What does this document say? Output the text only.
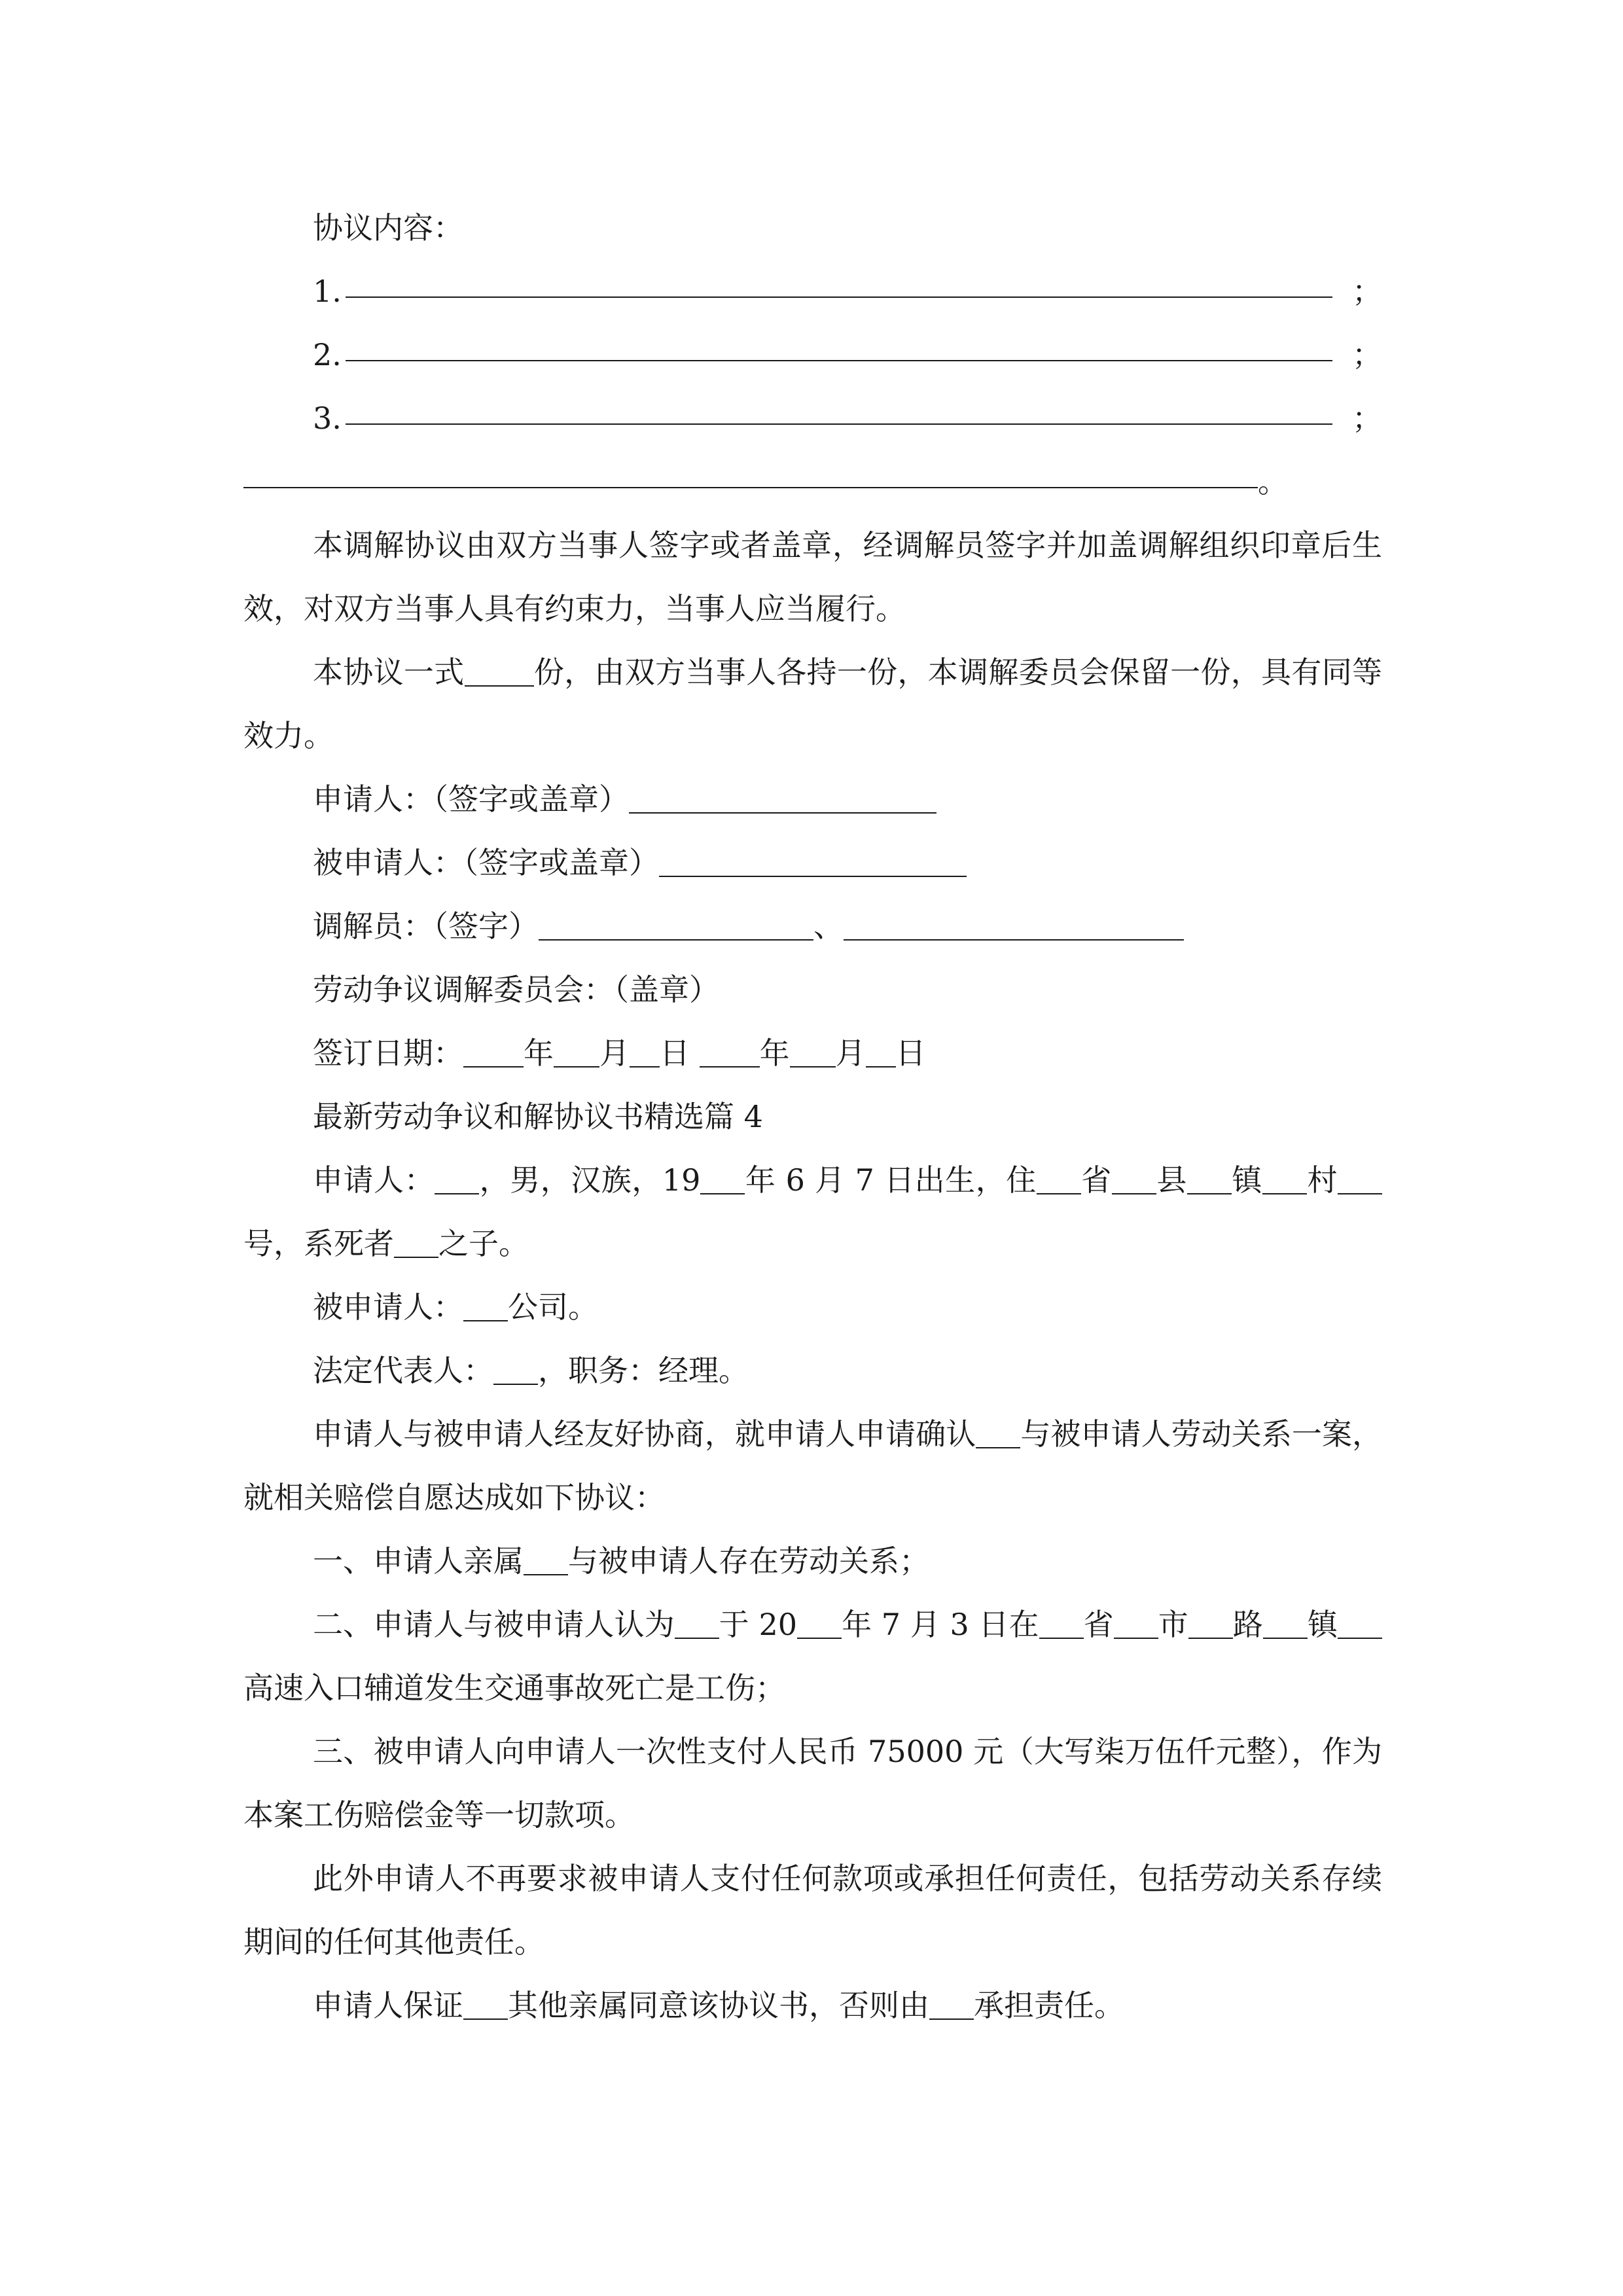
协议内容：

1.	；

2.	；

3.	；

。

本调解协议由双方当事人签字或者盖章，经调解员签字并加盖调解组织印章后生效，对双方当事人具有约束力，当事人应当履行。

本协议一式 份，由双方当事人各持一份，本调解委员会保留一份，具有同等效力。

申请人：（签字或盖章）

被申请人：（签字或盖章）

调解员：（签字）	、

劳动争议调解委员会：（盖章）

签订日期： 年 月 日 年 月 日

最新劳动争议和解协议书精选篇 4

申请人： ，男，汉族，19 年 6 月 7 日出生，住 省 县 镇 村号，系死者 之子。

被申请人： 公司。

法定代表人： ，职务：经理。

申请人与被申请人经友好协商，就申请人申请确认 与被申请人劳动关系一案，就相关赔偿自愿达成如下协议：

一、申请人亲属 与被申请人存在劳动关系；

二、申请人与被申请人认为 于 20 年 7 月 3 日在 省 市 路 镇高速入口辅道发生交通事故死亡是工伤；

三、被申请人向申请人一次性支付人民币 75000 元（大写柒万伍仟元整），作为本案工伤赔偿金等一切款项。

此外申请人不再要求被申请人支付任何款项或承担任何责任，包括劳动关系存续期间的任何其他责任。

申请人保证 其他亲属同意该协议书，否则由 承担责任。
